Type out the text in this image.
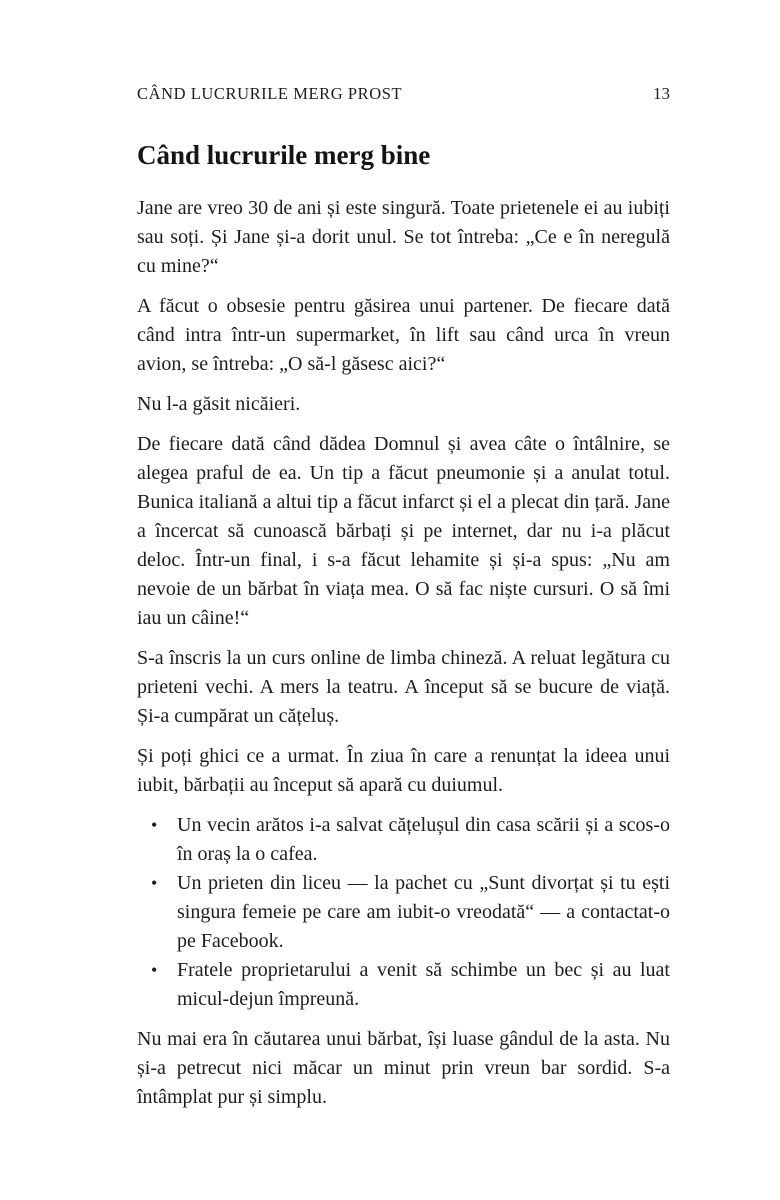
CÂND LUCRURILE MERG PROST	13
Când lucrurile merg bine

Jane are vreo 30 de ani și este singură. Toate prietenele ei au iubiți sau soți. Și Jane și-a dorit unul. Se tot întreba: „Ce e în neregulă cu mine?“

A făcut o obsesie pentru găsirea unui partener. De fiecare dată când intra într-un supermarket, în lift sau când urca în vreun avion, se întreba: „O să-l găsesc aici?“

Nu l-a găsit nicăieri.

De fiecare dată când dădea Domnul și avea câte o întâlnire, se alegea praful de ea. Un tip a făcut pneumonie și a anulat totul. Bunica italiană a altui tip a făcut infarct și el a plecat din țară. Jane a încercat să cunoască bărbați și pe internet, dar nu i-a plăcut deloc. Într-un final, i s-a făcut lehamite și și-a spus: „Nu am nevoie de un bărbat în viața mea. O să fac niște cursuri. O să îmi iau un câine!“

S-a înscris la un curs online de limba chineză. A reluat legătura cu prieteni vechi. A mers la teatru. A început să se bucure de viață. Și-a cumpărat un cățeluș.

Și poți ghici ce a urmat. În ziua în care a renunțat la ideea unui iubit, bărbații au început să apară cu duiumul.

• Un vecin arătos i-a salvat cățelușul din casa scării și a scos-o în oraș la o cafea.
• Un prieten din liceu — la pachet cu „Sunt divorțat și tu ești singura femeie pe care am iubit-o vreodată“ — a contactat-o pe Facebook.
• Fratele proprietarului a venit să schimbe un bec și au luat micul-dejun împreună.

Nu mai era în căutarea unui bărbat, își luase gândul de la asta. Nu și-a petrecut nici măcar un minut prin vreun bar sordid. S-a întâmplat pur și simplu.
